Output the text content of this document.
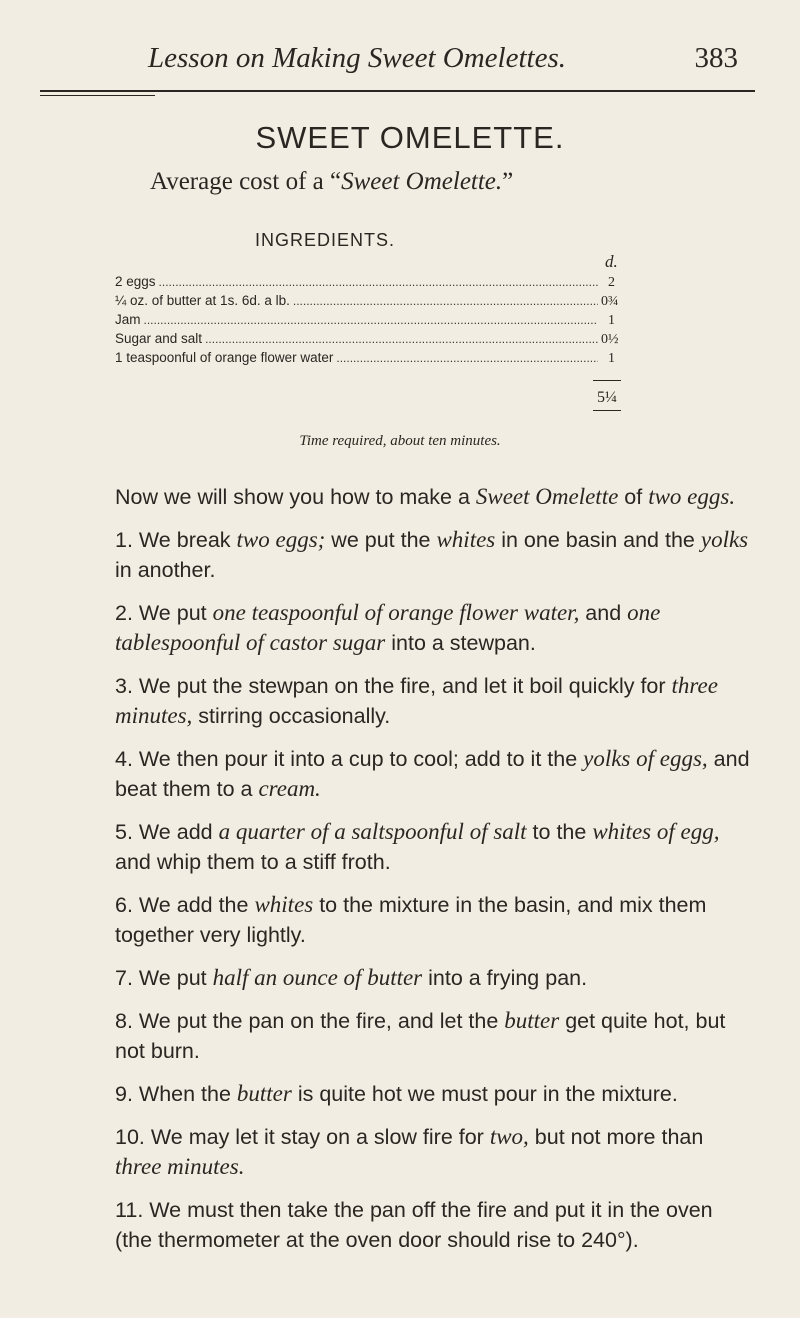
Lesson on Making Sweet Omelettes.	383
SWEET OMELETTE.
Average cost of a “Sweet Omelette.”
INGREDIENTS.
d.
2 eggs .....	2
¼ oz. of butter at 1s. 6d. a lb. .....	0¾
Jam .....	1
Sugar and salt .....	0½
1 teaspoonful of orange flower water .....	1
5¼
Time required, about ten minutes.

Now we will show you how to make a Sweet Omelette of two eggs.

1. We break two eggs; we put the whites in one basin and the yolks in another.

2. We put one teaspoonful of orange flower water, and one tablespoonful of castor sugar into a stewpan.

3. We put the stewpan on the fire, and let it boil quickly for three minutes, stirring occasionally.

4. We then pour it into a cup to cool; add to it the yolks of eggs, and beat them to a cream.

5. We add a quarter of a saltspoonful of salt to the whites of egg, and whip them to a stiff froth.

6. We add the whites to the mixture in the basin, and mix them together very lightly.

7. We put half an ounce of butter into a frying pan.

8. We put the pan on the fire, and let the butter get quite hot, but not burn.

9. When the butter is quite hot we must pour in the mixture.

10. We may let it stay on a slow fire for two, but not more than three minutes.

11. We must then take the pan off the fire and put it in the oven (the thermometer at the oven door should rise to 240°).
